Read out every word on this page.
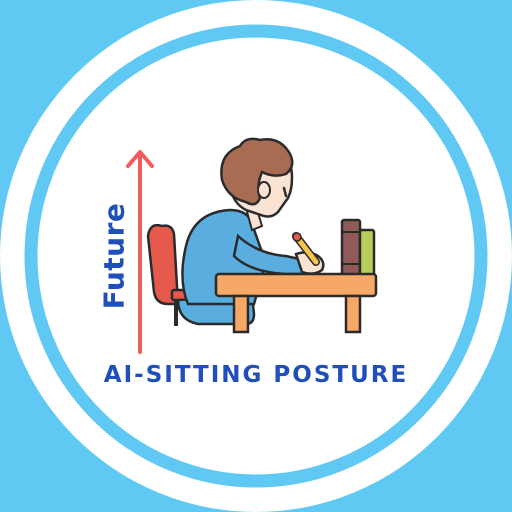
Future
AI-SITTING POSTURE
